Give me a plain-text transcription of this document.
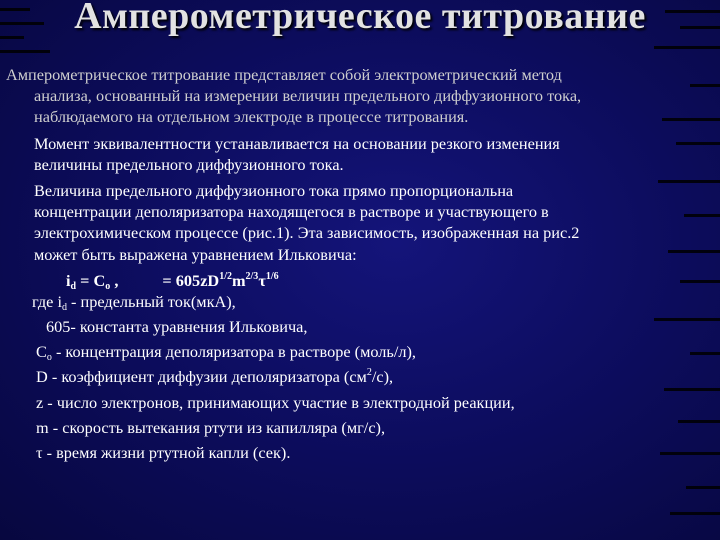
Амперометрическое титрование
Амперометрическое титрование представляет собой электрометрический метод
анализа, основанный на измерении величин предельного диффузионного тока,
наблюдаемого на отдельном электроде в процессе титрования.
Момент эквивалентности устанавливается на основании резкого изменения
величины предельного диффузионного тока.
Величина предельного диффузионного тока прямо пропорциональна
концентрации деполяризатора находящегося в растворе и участвующего в
электрохимическом процессе (рис.1). Эта зависимость, изображенная на рис.2
может быть выражена уравнением Ильковича:
$i_d = C_o$ ,	= $605zD^{1/2}m^{2/3}\tau^{1/6}$
где $i_d$ - предельный ток(мкА),
605- константа уравнения Ильковича,
$C_o$ - концентрация деполяризатора в растворе (моль/л),
D - коэффициент диффузии деполяризатора $(см^2/с)$,
z - число электронов, принимающих участие в электродной реакции,
m - скорость вытекания ртути из капилляра (мг/с),
τ - время жизни ртутной капли (сек).
